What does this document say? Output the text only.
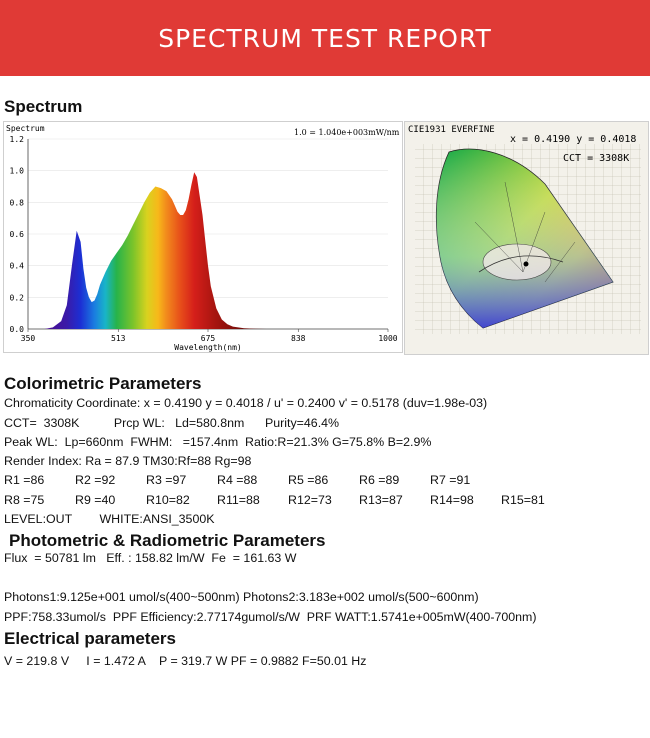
SPECTRUM TEST REPORT
Spectrum
0.0
0.2
0.4
0.6
0.8
1.0
1.2
350	513	675	838	1000
Spectrum	1.0 = 1.040e+003mW/nm
Wavelength(nm)
CIE1931 EVERFINE
x = 0.4190 y = 0.4018
CCT = 3308K
Colorimetric Parameters
Chromaticity Coordinate: x = 0.4190 y = 0.4018 / u' = 0.2400 v' = 0.5178 (duv=1.98e-03)
CCT=  3308K          Prcp WL:   Ld=580.8nm      Purity=46.4%
Peak WL:  Lp=660nm  FWHM:   =157.4nm  Ratio:R=21.3% G=75.8% B=2.9%
Render Index: Ra = 87.9 TM30:Rf=88 Rg=98
R1 =86 R2 =92 R3 =97 R4 =88 R5 =86 R6 =89 R7 =91
R8 =75 R9 =40 R10=82 R11=88 R12=73 R13=87 R14=98 R15=81
LEVEL:OUT        WHITE:ANSI_3500K
Photometric & Radiometric Parameters
Flux  = 50781 lm   Eff. : 158.82 lm/W  Fe  = 161.63 W
Photons1:9.125e+001 umol/s(400~500nm) Photons2:3.183e+002 umol/s(500~600nm)
PPF:758.33umol/s  PPF Efficiency:2.77174gumol/s/W  PRF WATT:1.5741e+005mW(400-700nm)
Electrical parameters
V = 219.8 V     I = 1.472 A    P = 319.7 W PF = 0.9882 F=50.01 Hz
